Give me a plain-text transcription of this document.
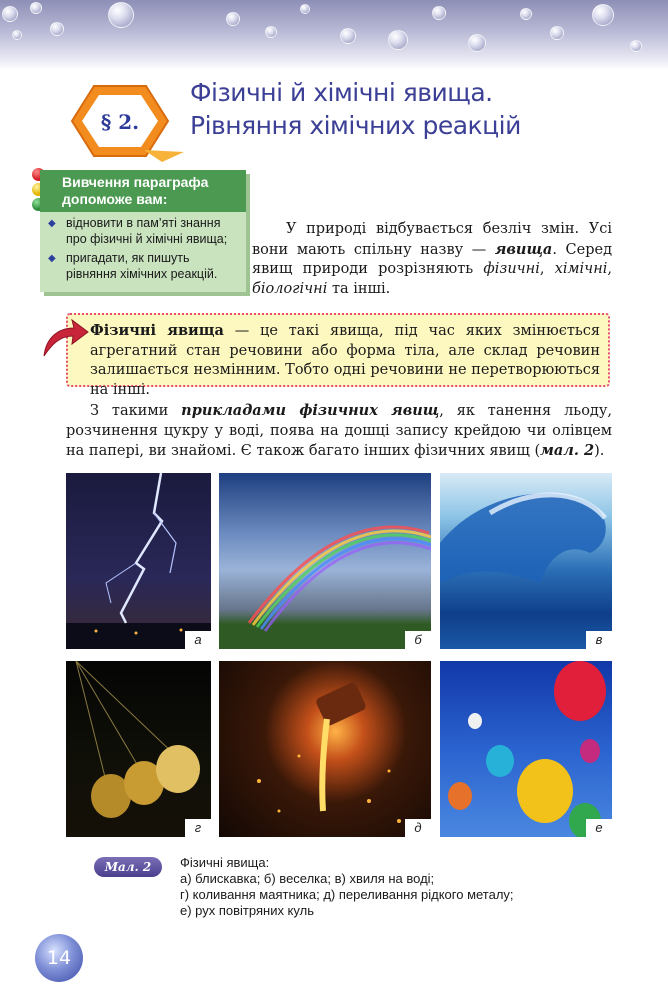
§ 2.
Фізичні й хімічні явища.
Рівняння хімічних реакцій
Вивчення параграфа
допоможе вам:
◆ відновити в пам’яті знання про фізичні й хімічні явища;
◆ пригадати, як пишуть рівняння хімічних реакцій.

У природі відбувається безліч змін. Усі вони мають спільну назву — явища. Серед явищ природи розрізняють фізичні, хімічні, біологічні та інші.

Фізичні явища — це такі явища, під час яких змінюється агрегатний стан речовини або форма тіла, але склад речовин залишається незмінним. Тобто одні речовини не перетворюються на інші.

З такими прикладами фізичних явищ, як танення льоду, розчинення цукру у воді, поява на дошці запису крейдою чи олівцем на папері, ви знайомі. Є також багато інших фізичних явищ (мал. 2).

а	б	в
г	д	е
Мал. 2	Фізичні явища:
а) блискавка; б) веселка; в) хвиля на воді;
г) коливання маятника; д) переливання рідкого металу;
е) рух повітряних куль
14
